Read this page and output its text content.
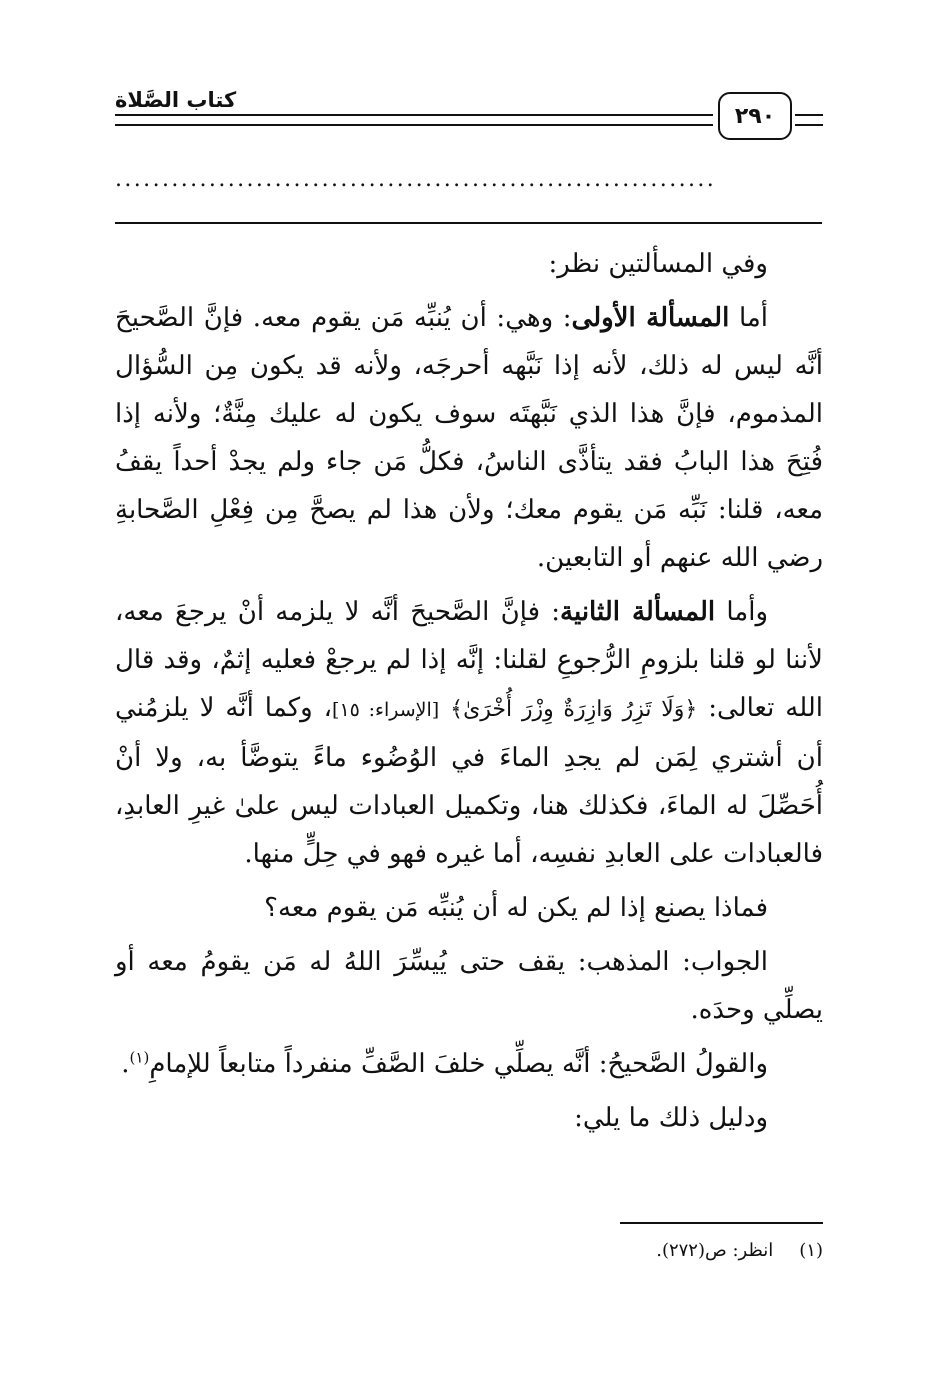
كتاب الصَّلاة
٢٩٠
................................................................

وفي المسألتين نظر:

أما المسألة الأولى: وهي: أن يُنبِّه مَن يقوم معه. فإنَّ الصَّحيحَ أنَّه ليس له ذلك، لأنه إذا نَبَّهه أحرجَه، ولأنه قد يكون مِن السُّؤال المذموم، فإنَّ هذا الذي نَبَّهتَه سوف يكون له عليك مِنَّةٌ؛ ولأنه إذا فُتِحَ هذا البابُ فقد يتأذَّى الناسُ، فكلُّ مَن جاء ولم يجدْ أحداً يقفُ معه، قلنا: نَبِّه مَن يقوم معك؛ ولأن هذا لم يصحَّ مِن فِعْلِ الصَّحابةِ رضي الله عنهم أو التابعين.

وأما المسألة الثانية: فإنَّ الصَّحيحَ أنَّه لا يلزمه أنْ يرجعَ معه، لأننا لو قلنا بلزومِ الرُّجوعِ لقلنا: إنَّه إذا لم يرجعْ فعليه إثمٌ، وقد قال الله تعالى: ﴿وَلَا تَزِرُ وَازِرَةٌ وِزْرَ أُخْرَىٰ﴾ [الإسراء: ١٥]، وكما أنَّه لا يلزمُني أن أشتري لِمَن لم يجدِ الماءَ في الوُضُوء ماءً يتوضَّأ به، ولا أنْ أُحَصِّلَ له الماءَ، فكذلك هنا، وتكميل العبادات ليس علىٰ غيرِ العابدِ، فالعبادات على العابدِ نفسِه، أما غيره فهو في حِلٍّ منها.

فماذا يصنع إذا لم يكن له أن يُنبِّه مَن يقوم معه؟

الجواب: المذهب: يقف حتى يُيسِّرَ اللهُ له مَن يقومُ معه أو يصلِّي وحدَه.

والقولُ الصَّحيحُ: أنَّه يصلِّي خلفَ الصَّفِّ منفرداً متابعاً للإمامِ$^{(١)}$.

ودليل ذلك ما يلي:

(١)انظر: ص(٢٧٢).
